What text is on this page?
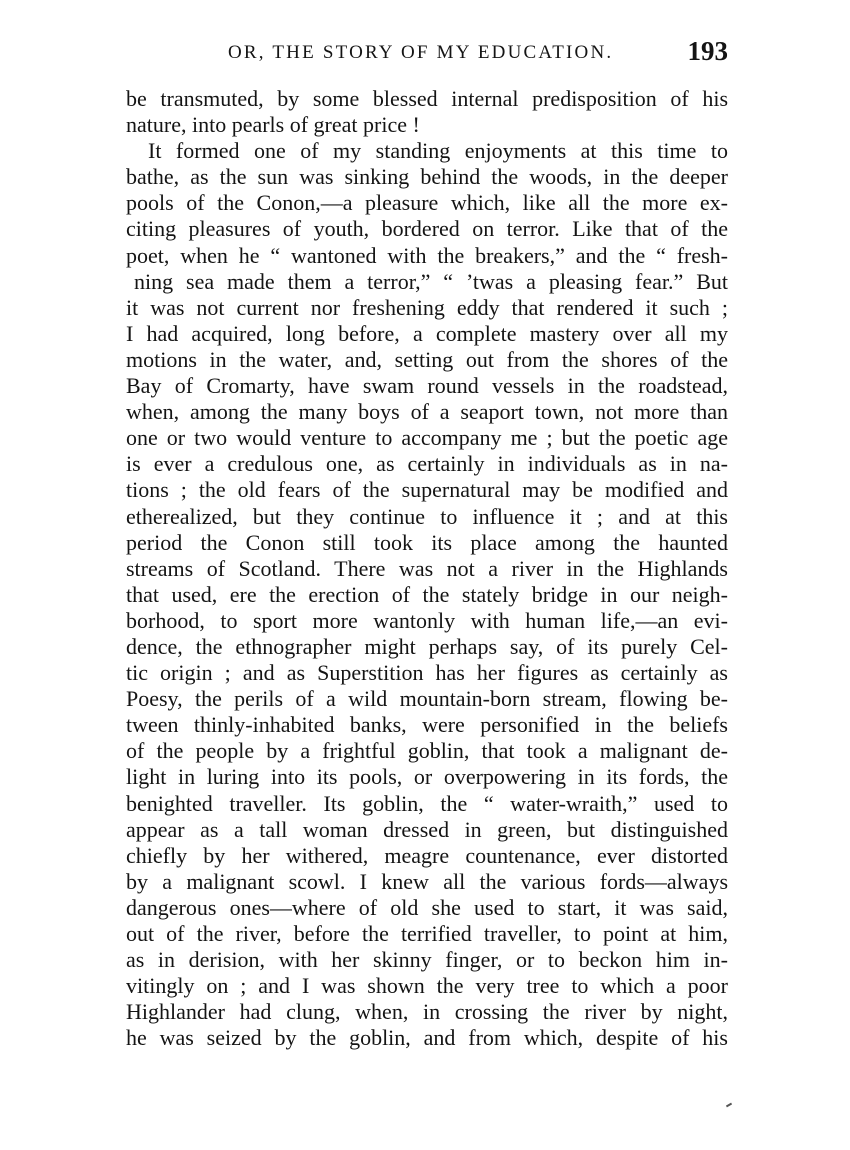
OR, THE STORY OF MY EDUCATION.	193
be transmuted, by some blessed internal predisposition of his
nature, into pearls of great price !
It formed one of my standing enjoyments at this time to
bathe, as the sun was sinking behind the woods, in the deeper
pools of the Conon,—a pleasure which, like all the more ex-
citing pleasures of youth, bordered on terror. Like that of the
poet, when he “ wantoned with the breakers,” and the “ fresh-
ning sea made them a terror,” “ ’twas a pleasing fear.” But
it was not current nor freshening eddy that rendered it such ;
I had acquired, long before, a complete mastery over all my
motions in the water, and, setting out from the shores of the
Bay of Cromarty, have swam round vessels in the roadstead,
when, among the many boys of a seaport town, not more than
one or two would venture to accompany me ; but the poetic age
is ever a credulous one, as certainly in individuals as in na-
tions ; the old fears of the supernatural may be modified and
etherealized, but they continue to influence it ; and at this
period the Conon still took its place among the haunted
streams of Scotland. There was not a river in the Highlands
that used, ere the erection of the stately bridge in our neigh-
borhood, to sport more wantonly with human life,—an evi-
dence, the ethnographer might perhaps say, of its purely Cel-
tic origin ; and as Superstition has her figures as certainly as
Poesy, the perils of a wild mountain-born stream, flowing be-
tween thinly-inhabited banks, were personified in the beliefs
of the people by a frightful goblin, that took a malignant de-
light in luring into its pools, or overpowering in its fords, the
benighted traveller. Its goblin, the “ water-wraith,” used to
appear as a tall woman dressed in green, but distinguished
chiefly by her withered, meagre countenance, ever distorted
by a malignant scowl. I knew all the various fords—always
dangerous ones—where of old she used to start, it was said,
out of the river, before the terrified traveller, to point at him,
as in derision, with her skinny finger, or to beckon him in-
vitingly on ; and I was shown the very tree to which a poor
Highlander had clung, when, in crossing the river by night,
he was seized by the goblin, and from which, despite of his
